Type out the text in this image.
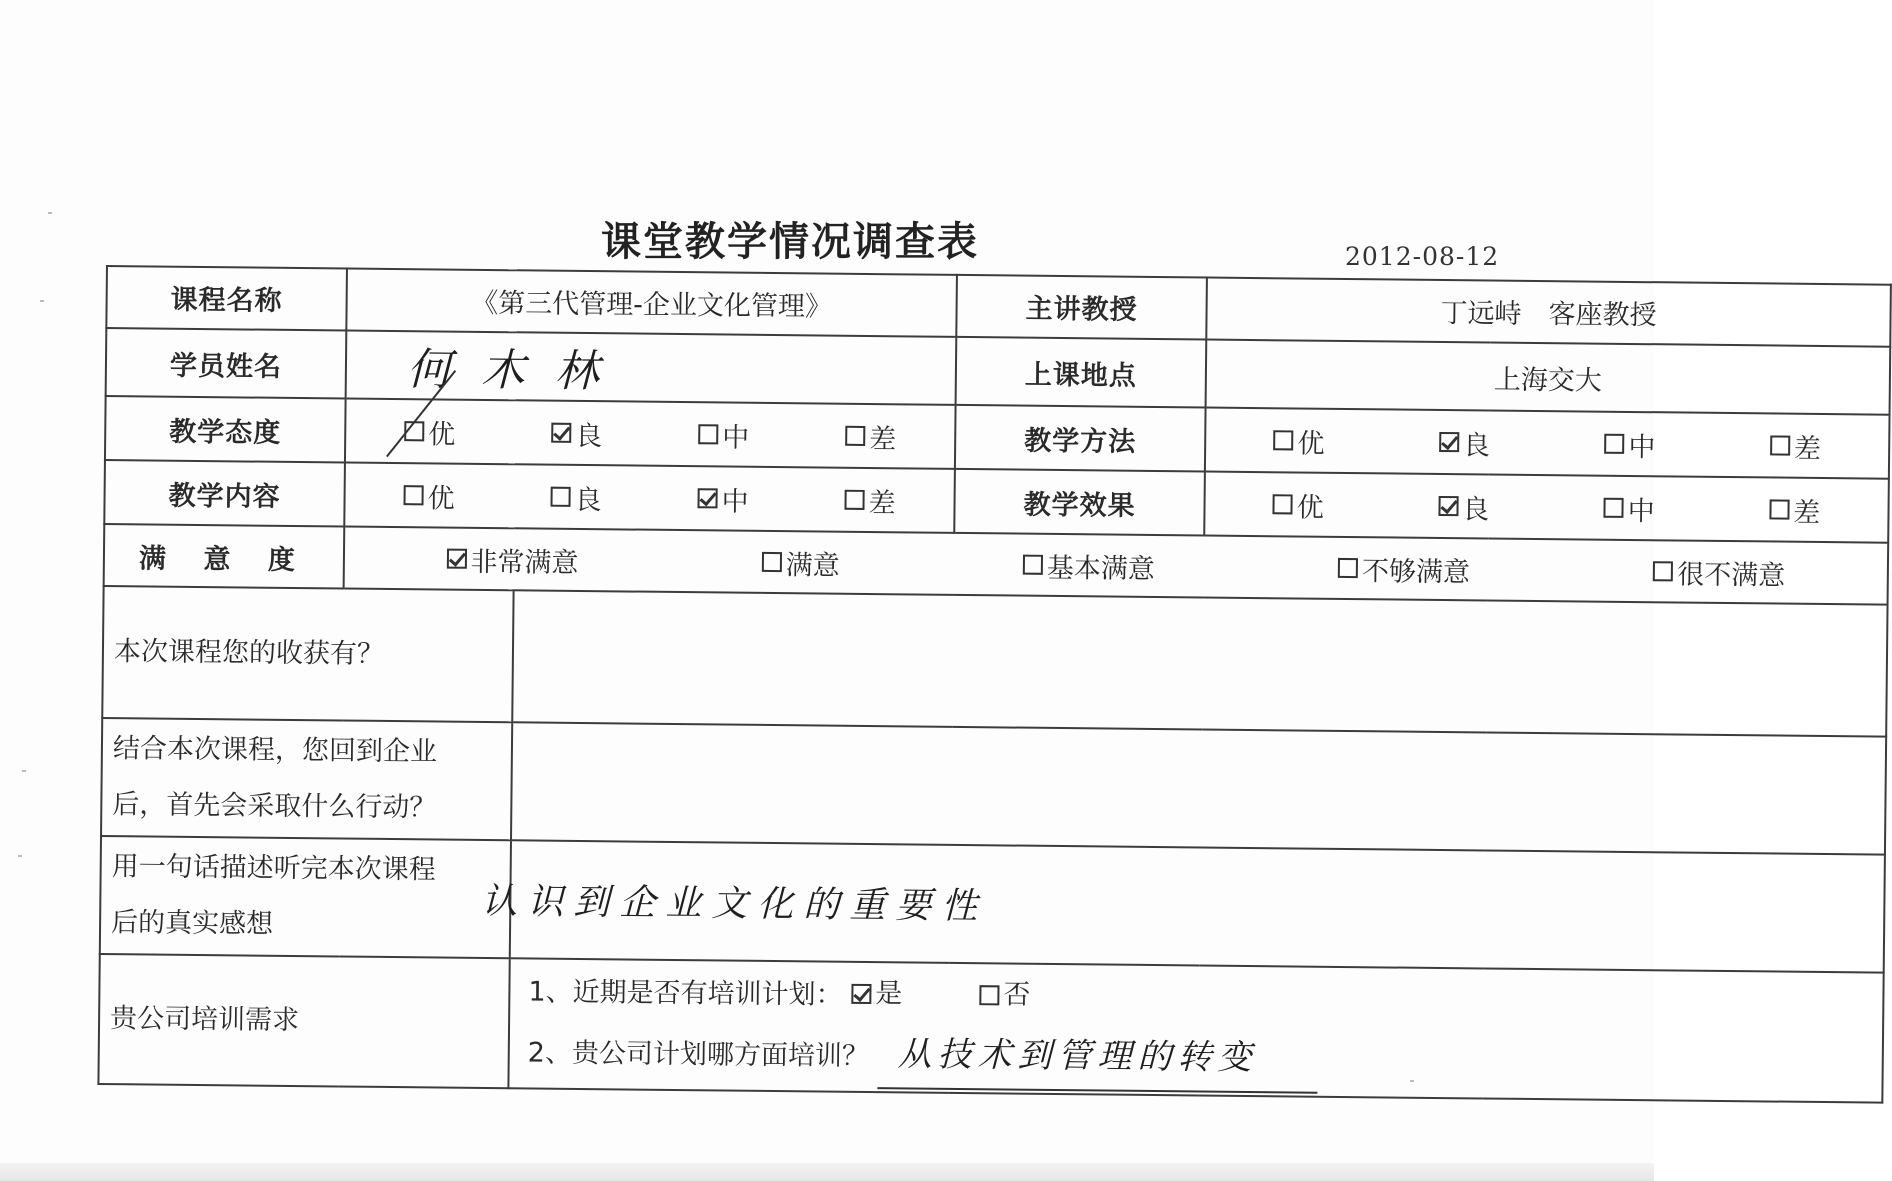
课堂教学情况调查表	2012-08-12
课程名称	《第三代管理-企业文化管理》		主讲教授	丁远峙　客座教授
学员姓名	何木林		上课地点	上海交大
教学态度	优 良 中 差		教学方法	优 良 中 差

教学内容	优 良 中 差		教学效果	优 良 中 差

满 意 度	非常满意 满意 基本满意 不够满意 很不满意			

本次课程您的收获有？				

结合本次课程，您回到企业
后，首先会采取什么行动？				

用一句话描述听完本次课程
后的真实感想		认识到企业文化的重要性		
贵公司培训需求		1、近期是否有培训计划： 是
否
2、贵公司计划哪方面培训？ 从技术到管理的转变		
